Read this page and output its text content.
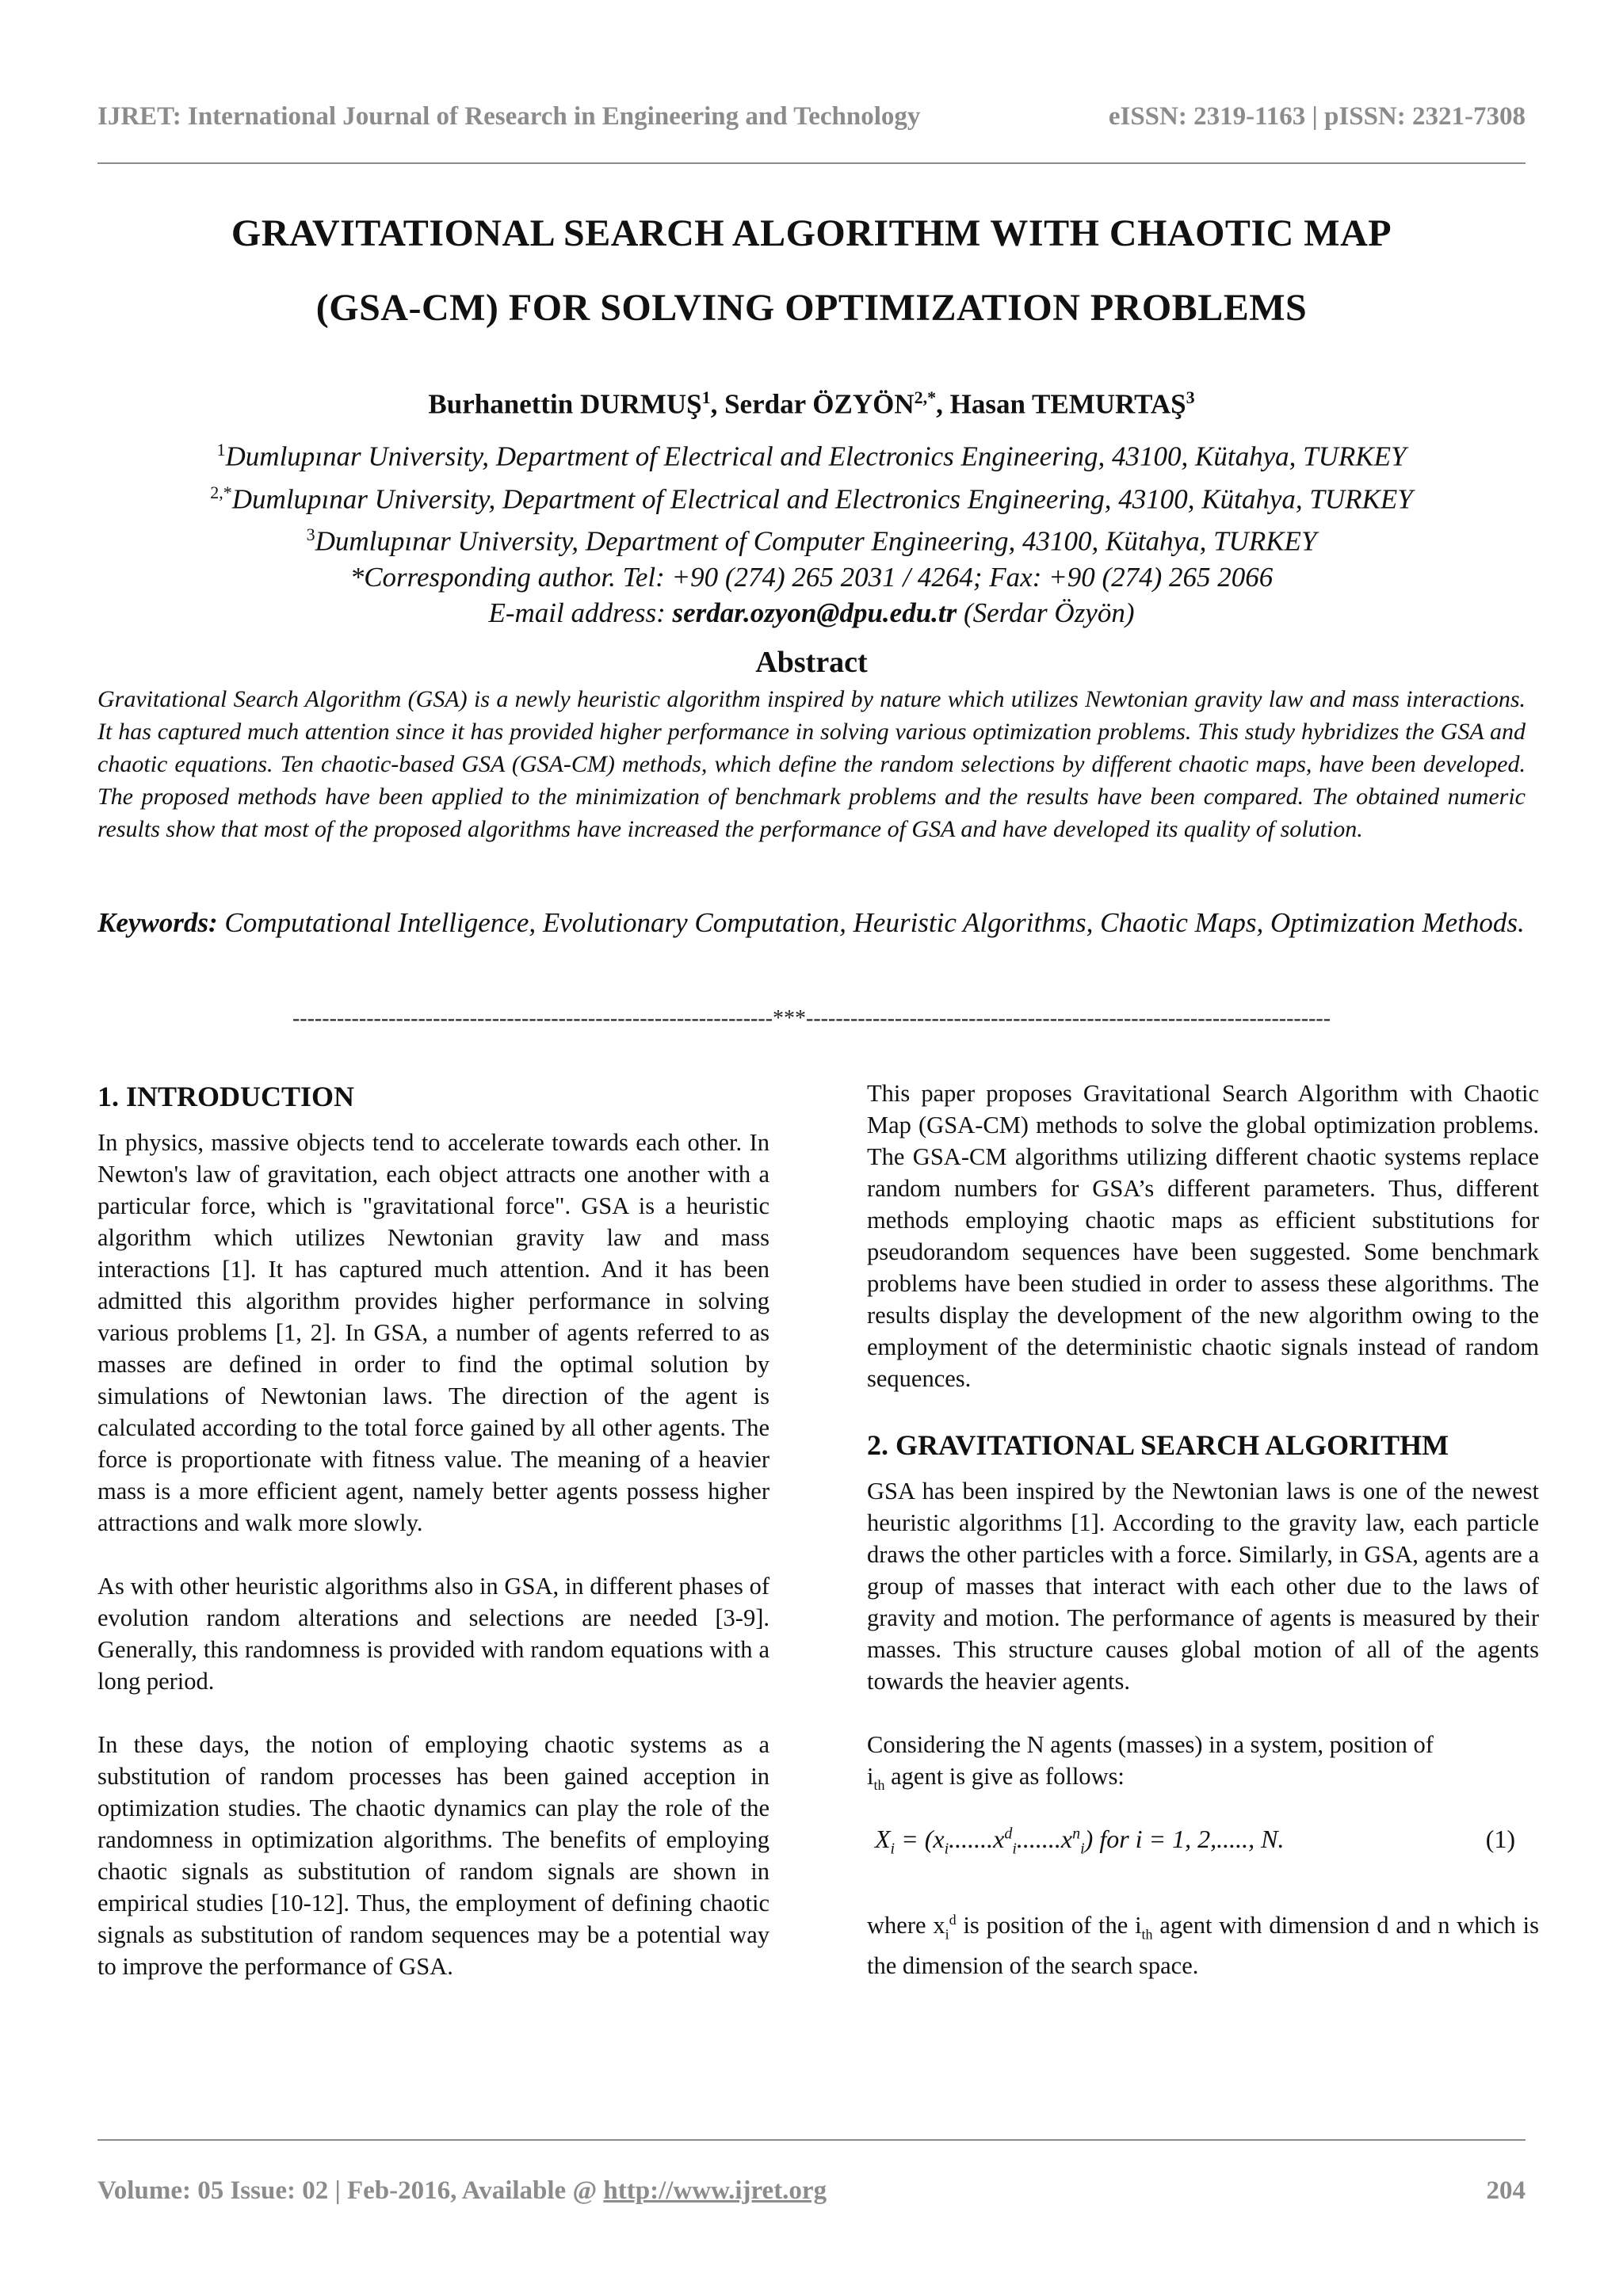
IJRET: International Journal of Research in Engineering and Technology	eISSN: 2319-1163 | pISSN: 2321-7308
GRAVITATIONAL SEARCH ALGORITHM WITH CHAOTIC MAP
(GSA-CM) FOR SOLVING OPTIMIZATION PROBLEMS
Burhanettin DURMUŞ$^1$, Serdar $ÖZYÖN^{2,*}$, Hasan TEMURTAŞ$^3$
$^1$Dumlupınar University, Department of Electrical and Electronics Engineering, 43100, Kütahya, TURKEY
$^{2,*}$Dumlupınar University, Department of Electrical and Electronics Engineering, 43100, Kütahya, TURKEY
$^3$Dumlupınar University, Department of Computer Engineering, 43100, Kütahya, TURKEY
*Corresponding author. Tel: +90 (274) 265 2031 / 4264; Fax: +90 (274) 265 2066
E-mail address: serdar.ozyon@dpu.edu.tr (Serdar Özyön)
Abstract

Gravitational Search Algorithm (GSA) is a newly heuristic algorithm inspired by nature which utilizes Newtonian gravity law and mass interactions. It has captured much attention since it has provided higher performance in solving various optimization problems. This study hybridizes the GSA and chaotic equations. Ten chaotic-based GSA (GSA-CM) methods, which define the random selections by different chaotic maps, have been developed. The proposed methods have been applied to the minimization of benchmark problems and the results have been compared. The obtained numeric results show that most of the proposed algorithms have increased the performance of GSA and have developed its quality of solution.

Keywords: Computational Intelligence, Evolutionary Computation, Heuristic Algorithms, Chaotic Maps, Optimization Methods.

-----------------------------------------------------------------***-----------------------------------------------------------------------
1. INTRODUCTION

In physics, massive objects tend to accelerate towards each other. In Newton's law of gravitation, each object attracts one another with a particular force, which is "gravitational force". GSA is a heuristic algorithm which utilizes Newtonian gravity law and mass interactions [1]. It has captured much attention. And it has been admitted this algorithm provides higher performance in solving various problems [1, 2]. In GSA, a number of agents referred to as masses are defined in order to find the optimal solution by simulations of Newtonian laws. The direction of the agent is calculated according to the total force gained by all other agents. The force is proportionate with fitness value. The meaning of a heavier mass is a more efficient agent, namely better agents possess higher attractions and walk more slowly.

As with other heuristic algorithms also in GSA, in different phases of evolution random alterations and selections are needed [3-9]. Generally, this randomness is provided with random equations with a long period.

In these days, the notion of employing chaotic systems as a substitution of random processes has been gained acception in optimization studies. The chaotic dynamics can play the role of the randomness in optimization algorithms. The benefits of employing chaotic signals as substitution of random signals are shown in empirical studies [10-12]. Thus, the employment of defining chaotic signals as substitution of random sequences may be a potential way to improve the performance of GSA.

This paper proposes Gravitational Search Algorithm with Chaotic Map (GSA-CM) methods to solve the global optimization problems. The GSA-CM algorithms utilizing different chaotic systems replace random numbers for GSA’s different parameters. Thus, different methods employing chaotic maps as efficient substitutions for pseudorandom sequences have been suggested. Some benchmark problems have been studied in order to assess these algorithms. The results display the development of the new algorithm owing to the employment of the deterministic chaotic signals instead of random sequences.

2. GRAVITATIONAL SEARCH ALGORITHM

GSA has been inspired by the Newtonian laws is one of the newest heuristic algorithms [1]. According to the gravity law, each particle draws the other particles with a force. Similarly, in GSA, agents are a group of masses that interact with each other due to the laws of gravity and motion. The performance of agents is measured by their masses. This structure causes global motion of all of the agents towards the heavier agents.

Considering the N agents (masses) in a system, position of
$i_{th}$ agent is give as follows:

$X_i = (x_i.......x^d_i.......x^n_i)$ for i = 1, 2,....., N.	(1)

where $x_i^d$ is position of the $i_{th}$ agent with dimension d and n which is the dimension of the search space.

Volume: 05 Issue: 02 | Feb-2016, Available @ http://www.ijret.org	204
